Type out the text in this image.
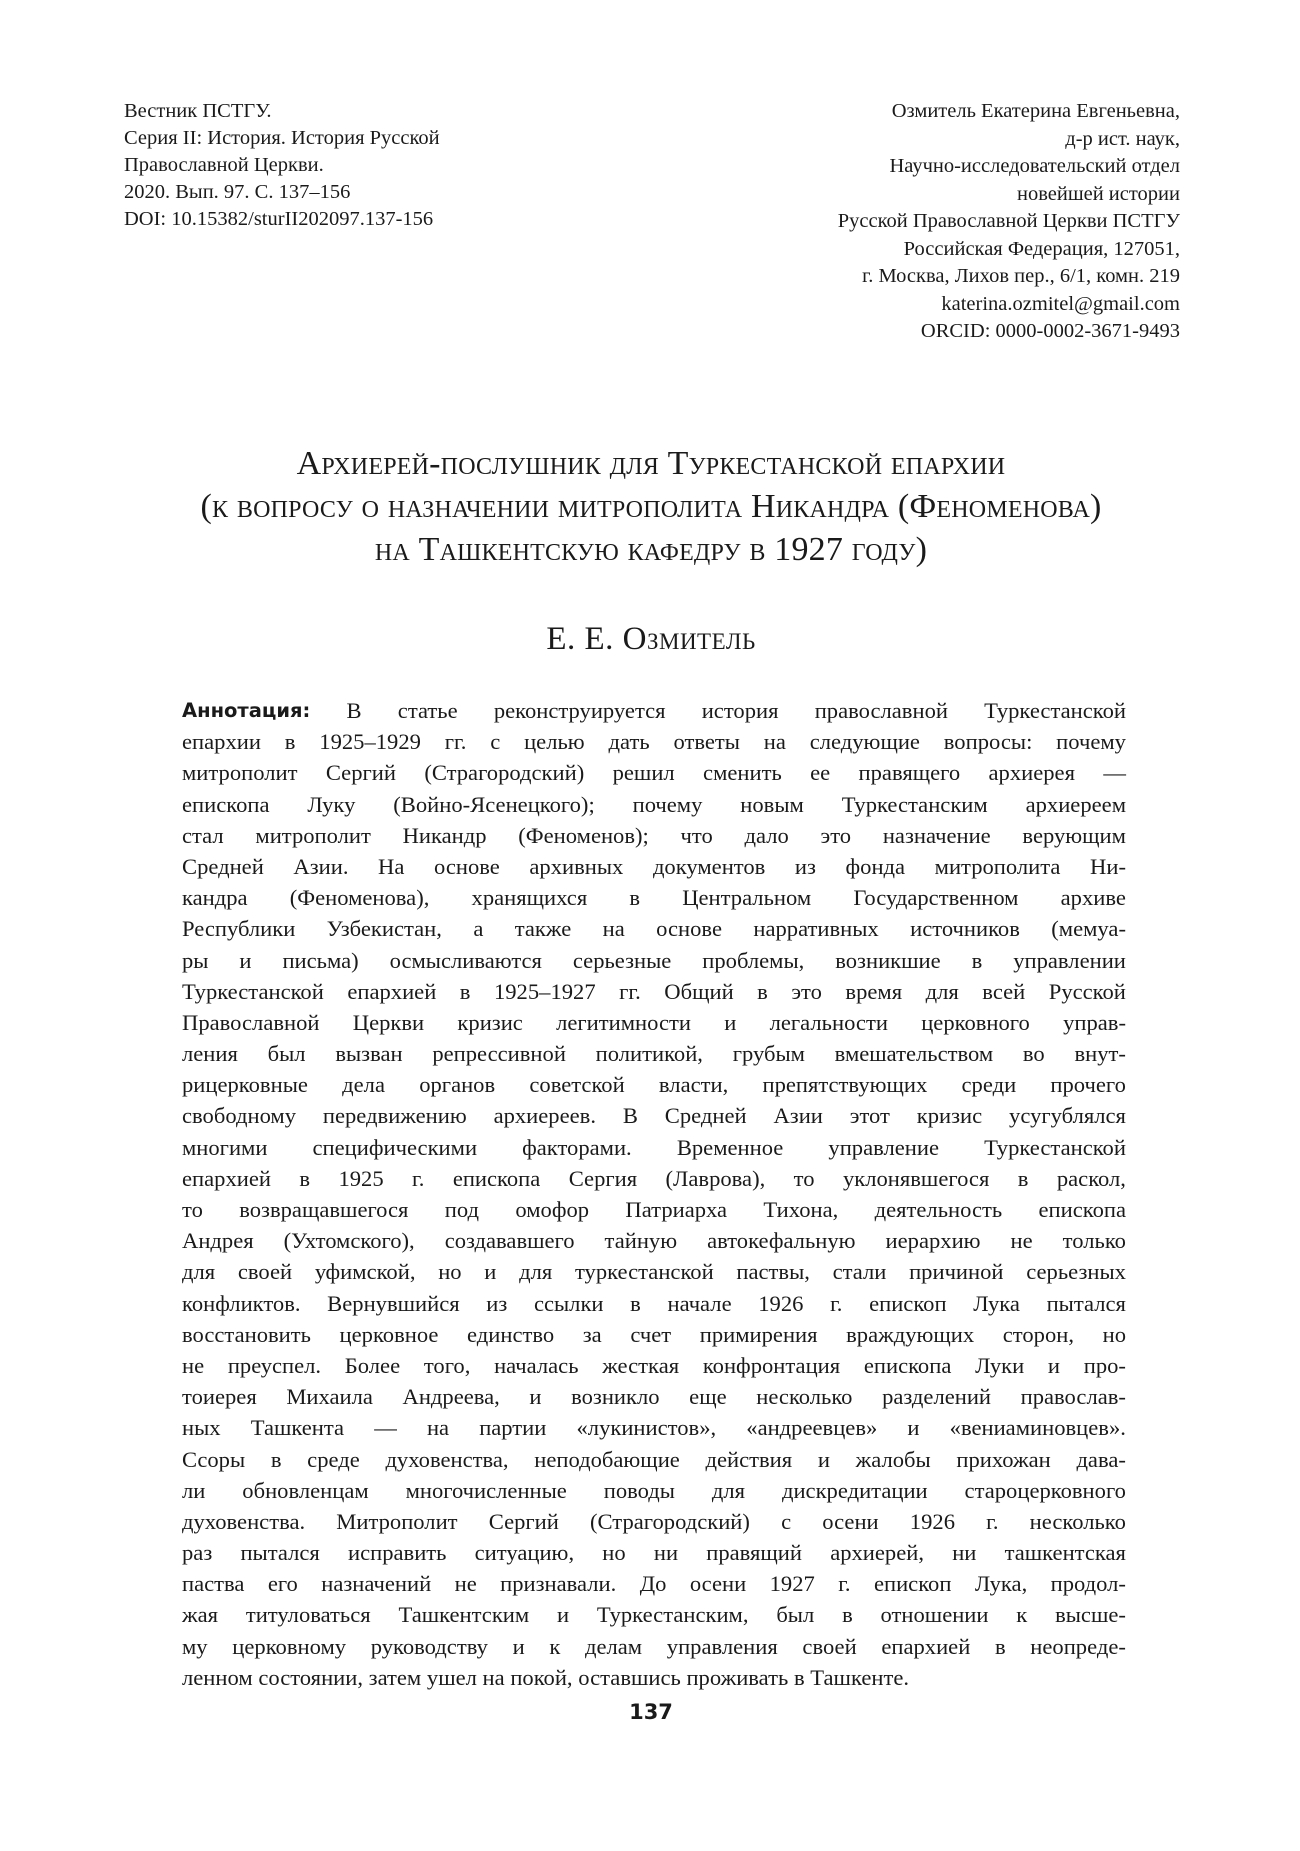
Вестник ПСТГУ.
Серия II: История. История Русской
Православной Церкви.
2020. Вып. 97. С. 137–156
DOI: 10.15382/sturII202097.137-156
Озмитель Екатерина Евгеньевна,
д-р ист. наук,
Научно-исследовательский отдел
новейшей истории
Русской Православной Церкви ПСТГУ
Российская Федерация, 127051,
г. Москва, Лихов пер., 6/1, комн. 219
katerina.ozmitel@gmail.com
ORCID: 0000-0002-3671-9493
Архиерей-послушник для Туркестанской епархии
(к вопросу о назначении митрополита Никандра (Феноменова)
на Ташкентскую кафедру в 1927 году)
Е. Е. Озмитель
Аннотация: В статье реконструируется история православной Туркестанской
епархии в 1925–1929 гг. с целью дать ответы на следующие вопросы: почему
митрополит Сергий (Страгородский) решил сменить ее правящего архиерея —
епископа Луку (Войно-Ясенецкого); почему новым Туркестанским архиереем
стал митрополит Никандр (Феноменов); что дало это назначение верующим
Средней Азии. На основе архивных документов из фонда митрополита Ни-
кандра (Феноменова), хранящихся в Центральном Государственном архиве
Республики Узбекистан, а также на основе нарративных источников (мемуа-
ры и письма) осмысливаются серьезные проблемы, возникшие в управлении
Туркестанской епархией в 1925–1927 гг. Общий в это время для всей Русской
Православной Церкви кризис легитимности и легальности церковного управ-
ления был вызван репрессивной политикой, грубым вмешательством во внут-
рицерковные дела органов советской власти, препятствующих среди прочего
свободному передвижению архиереев. В Средней Азии этот кризис усугублялся
многими специфическими факторами. Временное управление Туркестанской
епархией в 1925 г. епископа Сергия (Лаврова), то уклонявшегося в раскол,
то возвращавшегося под омофор Патриарха Тихона, деятельность епископа
Андрея (Ухтомского), создававшего тайную автокефальную иерархию не только
для своей уфимской, но и для туркестанской паствы, стали причиной серьезных
конфликтов. Вернувшийся из ссылки в начале 1926 г. епископ Лука пытался
восстановить церковное единство за счет примирения враждующих сторон, но
не преуспел. Более того, началась жесткая конфронтация епископа Луки и про-
тоиерея Михаила Андреева, и возникло еще несколько разделений православ-
ных Ташкента — на партии «лукинистов», «андреевцев» и «вениаминовцев».
Ссоры в среде духовенства, неподобающие действия и жалобы прихожан дава-
ли обновленцам многочисленные поводы для дискредитации староцерковного
духовенства. Митрополит Сергий (Страгородский) с осени 1926 г. несколько
раз пытался исправить ситуацию, но ни правящий архиерей, ни ташкентская
паства его назначений не признавали. До осени 1927 г. епископ Лука, продол-
жая титуловаться Ташкентским и Туркестанским, был в отношении к высше-
му церковному руководству и к делам управления своей епархией в неопреде-
ленном
состоянии,
затем
ушел
на
покой,
оставшись
проживать
в
Ташкенте.
137
